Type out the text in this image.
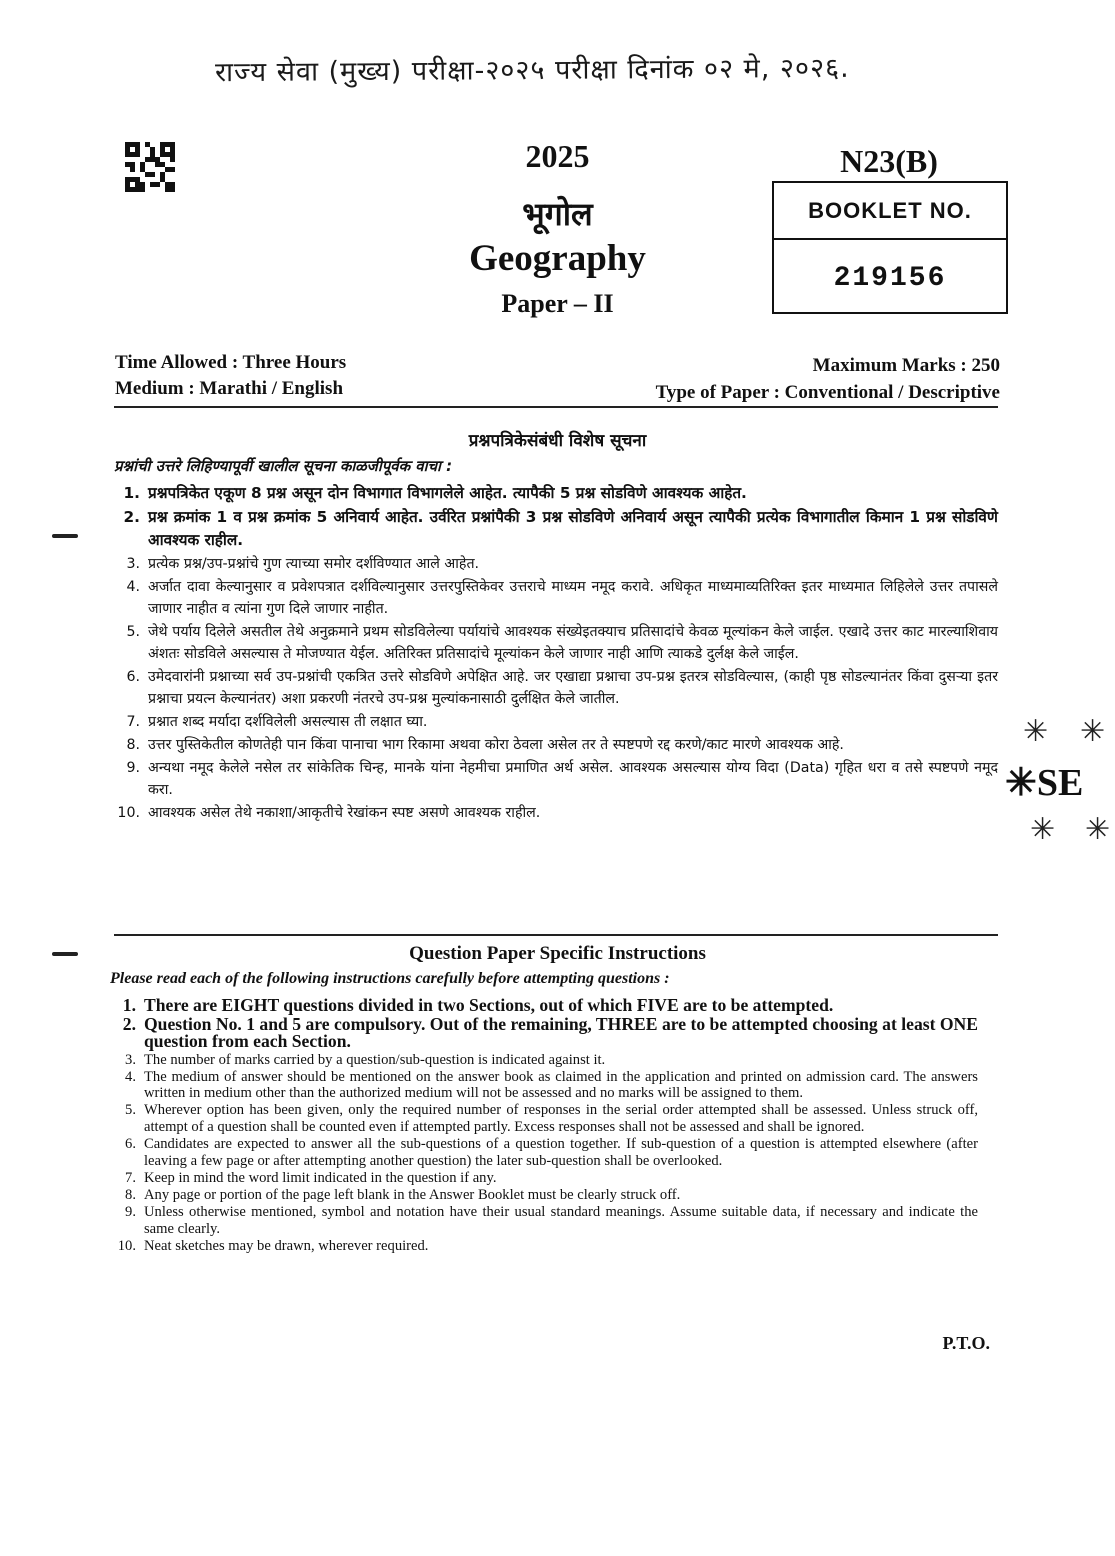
राज्य सेवा (मुख्य) परीक्षा-२०२५ परीक्षा दिनांक ०२ मे, २०२६.
2025
भूगोल
Geography
Paper – II
N23(B)
BOOKLET NO.
219156
Time Allowed : Three Hours
Medium : Marathi / English
Maximum Marks : 250
Type of Paper : Conventional / Descriptive
प्रश्नपत्रिकेसंबंधी विशेष सूचना
प्रश्नांची उत्तरे लिहिण्यापूर्वी खालील सूचना काळजीपूर्वक वाचा :
1. प्रश्नपत्रिकेत एकूण 8 प्रश्न असून दोन विभागात विभागलेले आहेत. त्यापैकी 5 प्रश्न सोडविणे आवश्यक आहेत.
2. प्रश्न क्रमांक 1 व प्रश्न क्रमांक 5 अनिवार्य आहेत. उर्वरित प्रश्नांपैकी 3 प्रश्न सोडविणे अनिवार्य असून त्यापैकी प्रत्येक विभागातील किमान 1 प्रश्न सोडविणे आवश्यक राहील.
3. प्रत्येक प्रश्न/उप-प्रश्नांचे गुण त्याच्या समोर दर्शविण्यात आले आहेत.
4. अर्जात दावा केल्यानुसार व प्रवेशपत्रात दर्शविल्यानुसार उत्तरपुस्तिकेवर उत्तराचे माध्यम नमूद करावे. अधिकृत माध्यमाव्यतिरिक्त इतर माध्यमात लिहिलेले उत्तर तपासले जाणार नाहीत व त्यांना गुण दिले जाणार नाहीत.
5. जेथे पर्याय दिलेले असतील तेथे अनुक्रमाने प्रथम सोडविलेल्या पर्यायांचे आवश्यक संख्येइतक्याच प्रतिसादांचे केवळ मूल्यांकन केले जाईल. एखादे उत्तर काट मारल्याशिवाय अंशतः सोडविले असल्यास ते मोजण्यात येईल. अतिरिक्त प्रतिसादांचे मूल्यांकन केले जाणार नाही आणि त्याकडे दुर्लक्ष केले जाईल.
6. उमेदवारांनी प्रश्नाच्या सर्व उप-प्रश्नांची एकत्रित उत्तरे सोडविणे अपेक्षित आहे. जर एखाद्या प्रश्नाचा उप-प्रश्न इतरत्र सोडविल्यास, (काही पृष्ठ सोडल्यानंतर किंवा दुसऱ्या इतर प्रश्नाचा प्रयत्न केल्यानंतर) अशा प्रकरणी नंतरचे उप-प्रश्न मुल्यांकनासाठी दुर्लक्षित केले जातील.
7. प्रश्नात शब्द मर्यादा दर्शविलेली असल्यास ती लक्षात घ्या.
8. उत्तर पुस्तिकेतील कोणतेही पान किंवा पानाचा भाग रिकामा अथवा कोरा ठेवला असेल तर ते स्पष्टपणे रद्द करणे/काट मारणे आवश्यक आहे.
9. अन्यथा नमूद केलेले नसेल तर सांकेतिक चिन्ह, मानके यांना नेहमीचा प्रमाणित अर्थ असेल. आवश्यक असल्यास योग्य विदा (Data) गृहित धरा व तसे स्पष्टपणे नमूद करा.
10. आवश्यक असेल तेथे नकाशा/आकृतीचे रेखांकन स्पष्ट असणे आवश्यक राहील.
Question Paper Specific Instructions
Please read each of the following instructions carefully before attempting questions :
1. There are EIGHT questions divided in two Sections, out of which FIVE are to be attempted.
2. Question No. 1 and 5 are compulsory. Out of the remaining, THREE are to be attempted choosing at least ONE question from each Section.
3. The number of marks carried by a question/sub-question is indicated against it.
4. The medium of answer should be mentioned on the answer book as claimed in the application and printed on admission card. The answers written in medium other than the authorized medium will not be assessed and no marks will be assigned to them.
5. Wherever option has been given, only the required number of responses in the serial order attempted shall be assessed. Unless struck off, attempt of a question shall be counted even if attempted partly. Excess responses shall not be assessed and shall be ignored.
6. Candidates are expected to answer all the sub-questions of a question together. If sub-question of a question is attempted elsewhere (after leaving a few page or after attempting another question) the later sub-question shall be overlooked.
7. Keep in mind the word limit indicated in the question if any.
8. Any page or portion of the page left blank in the Answer Booklet must be clearly struck off.
9. Unless otherwise mentioned, symbol and notation have their usual standard meanings. Assume suitable data, if necessary and indicate the same clearly.
10. Neat sketches may be drawn, wherever required.
P.T.O.
✳ ✳
✳SE
✳ ✳
